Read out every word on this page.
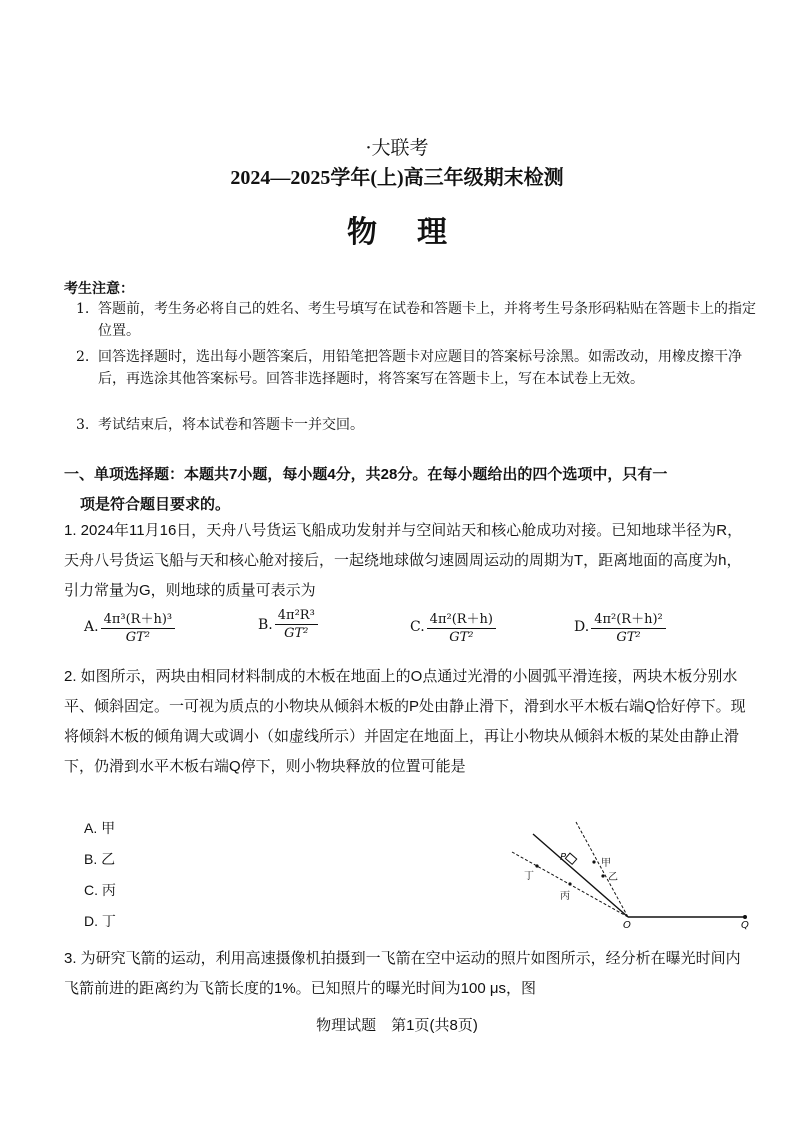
·大联考
2024—2025学年(上)高三年级期末检测
物理
考生注意：
1. 答题前，考生务必将自己的姓名、考生号填写在试卷和答题卡上，并将考生号条形码粘贴在答题卡上的指定位置。
2. 回答选择题时，选出每小题答案后，用铅笔把答题卡对应题目的答案标号涂黑。如需改动，用橡皮擦干净后，再选涂其他答案标号。回答非选择题时，将答案写在答题卡上，写在本试卷上无效。
3. 考试结束后，将本试卷和答题卡一并交回。
一、单项选择题：本题共7小题，每小题4分，共28分。在每小题给出的四个选项中，只有一
项是符合题目要求的。
1. 2024年11月16日，天舟八号货运飞船成功发射并与空间站天和核心舱成功对接。已知地球半径为R，天舟八号货运飞船与天和核心舱对接后，一起绕地球做匀速圆周运动的周期为T，距离地面的高度为h，引力常量为G，则地球的质量可表示为
A. $\frac{\text{4π³(R＋h)³}}{\text{GT²}}$	B. $\frac{\text{4π²R³}}{\text{GT²}}$	C. $\frac{\text{4π²(R＋h)}}{\text{GT²}}$	D. $\frac{\text{4π²(R＋h)²}}{\text{GT²}}$
2. 如图所示，两块由相同材料制成的木板在地面上的O点通过光滑的小圆弧平滑连接，两块木板分别水平、倾斜固定。一可视为质点的小物块从倾斜木板的P处由静止滑下，滑到水平木板右端Q恰好停下。现将倾斜木板的倾角调大或调小（如虚线所示）并固定在地面上，再让小物块从倾斜木板的某处由静止滑下，仍滑到水平木板右端Q停下，则小物块释放的位置可能是
A. 甲
B. 乙
C. 丙
D. 丁
P
甲
乙
丁
丙
O	Q
3. 为研究飞箭的运动，利用高速摄像机拍摄到一飞箭在空中运动的照片如图所示，经分析在曝光时间内飞箭前进的距离约为飞箭长度的1%。已知照片的曝光时间为100 μs，图
物理试题　第1页(共8页)
